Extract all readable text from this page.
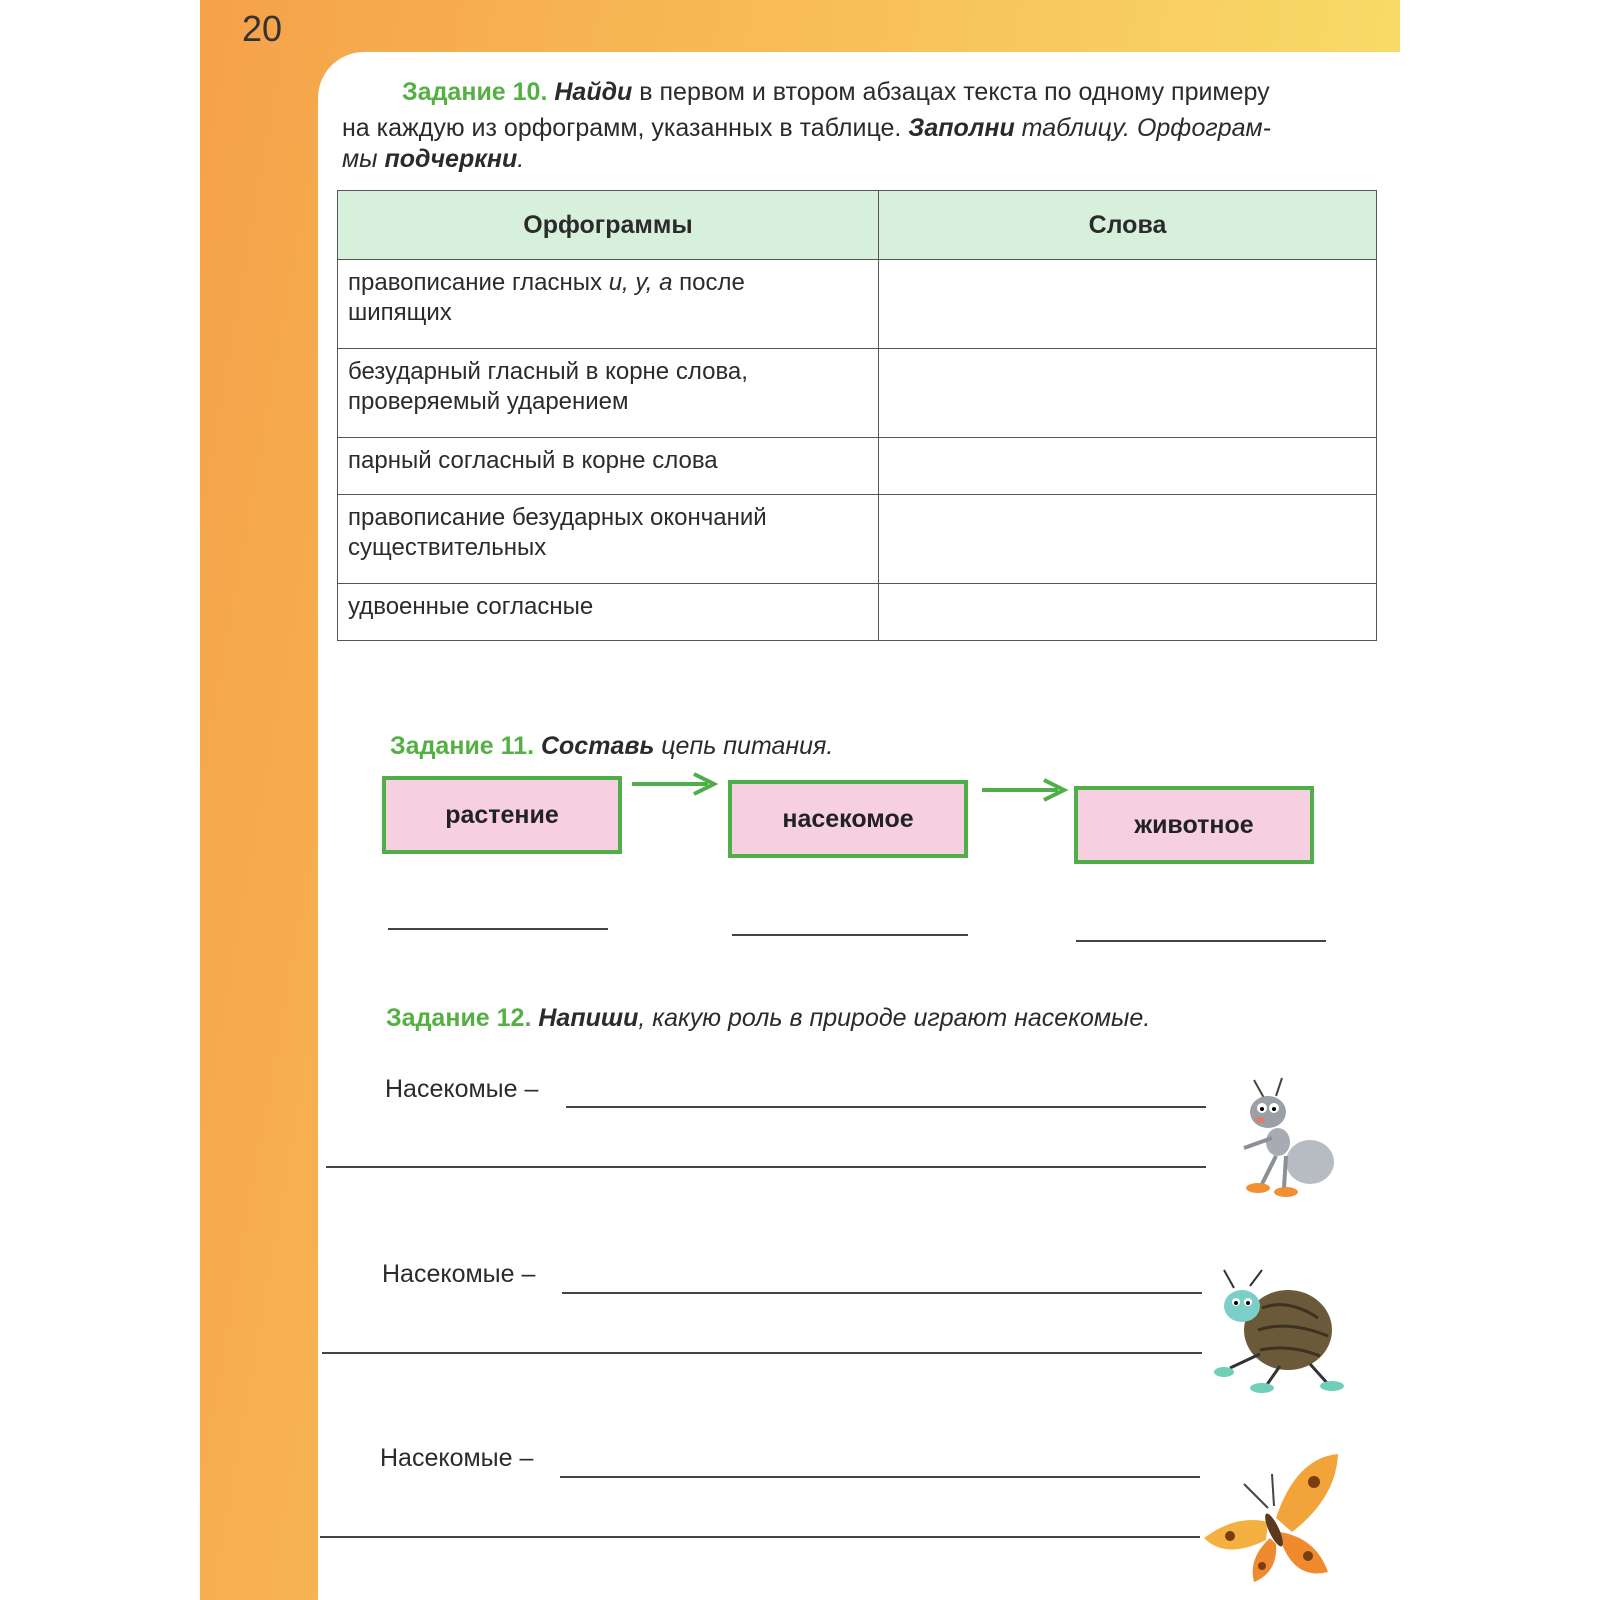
20
Задание 10. Найди в первом и втором абзацах текста по одному примеру
на каждую из орфограмм, указанных в таблице. Заполни таблицу. Орфограм-
мы подчеркни.
Орфограммы	Слова
правописание гласных и, у, а после
шипящих	
безударный гласный в корне слова,
проверяемый ударением	
парный согласный в корне слова	
правописание безударных окончаний
существительных	
удвоенные согласные	
Задание 11. Составь цепь питания.
растение	насекомое	животное
Задание 12. Напиши, какую роль в природе играют насекомые.
Насекомые –
Насекомые –
Насекомые –
